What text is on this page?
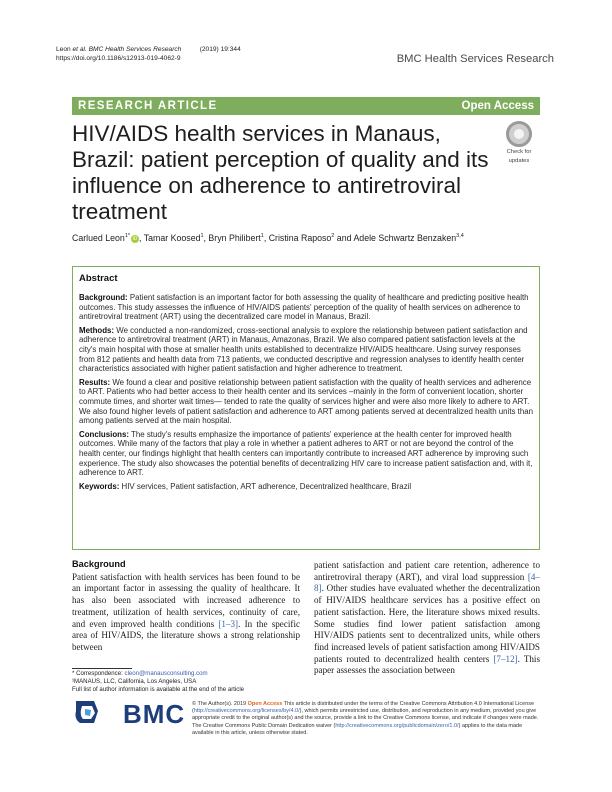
Leon et al. BMC Health Services Research	(2019) 19:344
https://doi.org/10.1186/s12913-019-4062-9	BMC Health Services Research
RESEARCH ARTICLE	Open Access
HIV/AIDS health services in Manaus, Brazil: patient perception of quality and its influence on adherence to antiretroviral treatment
Check for
updates
Carlued Leon$^{1*}$ iD , Tamar Koosed$^1$, Bryn Philibert$^1$, Cristina Raposo$^2$ and Adele Schwartz Benzaken$^{3,4}$
Abstract

Background: Patient satisfaction is an important factor for both assessing the quality of healthcare and predicting positive health outcomes. This study assesses the influence of HIV/AIDS patients' perception of the quality of health services on adherence to antiretroviral treatment (ART) using the decentralized care model in Manaus, Brazil.

Methods: We conducted a non-randomized, cross-sectional analysis to explore the relationship between patient satisfaction and adherence to antiretroviral treatment (ART) in Manaus, Amazonas, Brazil. We also compared patient satisfaction levels at the city's main hospital with those at smaller health units established to decentralize HIV/AIDS healthcare. Using survey responses from 812 patients and health data from 713 patients, we conducted descriptive and regression analyses to identify health center characteristics associated with higher patient satisfaction and higher adherence to treatment.

Results: We found a clear and positive relationship between patient satisfaction with the quality of health services and adherence to ART. Patients who had better access to their health center and its services –mainly in the form of convenient location, shorter commute times, and shorter wait times— tended to rate the quality of services higher and were also more likely to adhere to ART. We also found higher levels of patient satisfaction and adherence to ART among patients served at decentralized health units than among patients served at the main hospital.

Conclusions: The study's results emphasize the importance of patients' experience at the health center for improved health outcomes. While many of the factors that play a role in whether a patient adheres to ART or not are beyond the control of the health center, our findings highlight that health centers can importantly contribute to increased ART adherence by improving such experience. The study also showcases the potential benefits of decentralizing HIV care to increase patient satisfaction and, with it, adherence to ART.

Keywords: HIV services, Patient satisfaction, ART adherence, Decentralized healthcare, Brazil

Background

Patient satisfaction with health services has been found to be an important factor in assessing the quality of healthcare. It has also been associated with increased adherence to treatment, utilization of health services, continuity of care, and even improved health conditions [1–3]. In the specific area of HIV/AIDS, the literature shows a strong relationship between

patient satisfaction and patient care retention, adherence to antiretroviral therapy (ART), and viral load suppression [4–8]. Other studies have evaluated whether the decentralization of HIV/AIDS healthcare services has a positive effect on patient satisfaction. Here, the literature shows mixed results. Some studies find lower patient satisfaction among HIV/AIDS patients sent to decentralized units, while others find increased levels of patient satisfaction among HIV/AIDS patients routed to decentralized health centers [7–12]. This paper assesses the association between

* Correspondence: cleon@manausconsulting.com
¹MANAUS, LLC, California, Los Angeles, USA
Full list of author information is available at the end of the article
BMC © The Author(s). 2019 Open Access This article is distributed under the terms of the Creative Commons Attribution 4.0 International License (http://creativecommons.org/licenses/by/4.0/), which permits unrestricted use, distribution, and reproduction in any medium, provided you give appropriate credit to the original author(s) and the source, provide a link to the Creative Commons license, and indicate if changes were made. The Creative Commons Public Domain Dedication waiver (http://creativecommons.org/publicdomain/zero/1.0/) applies to the data made available in this article, unless otherwise stated.
